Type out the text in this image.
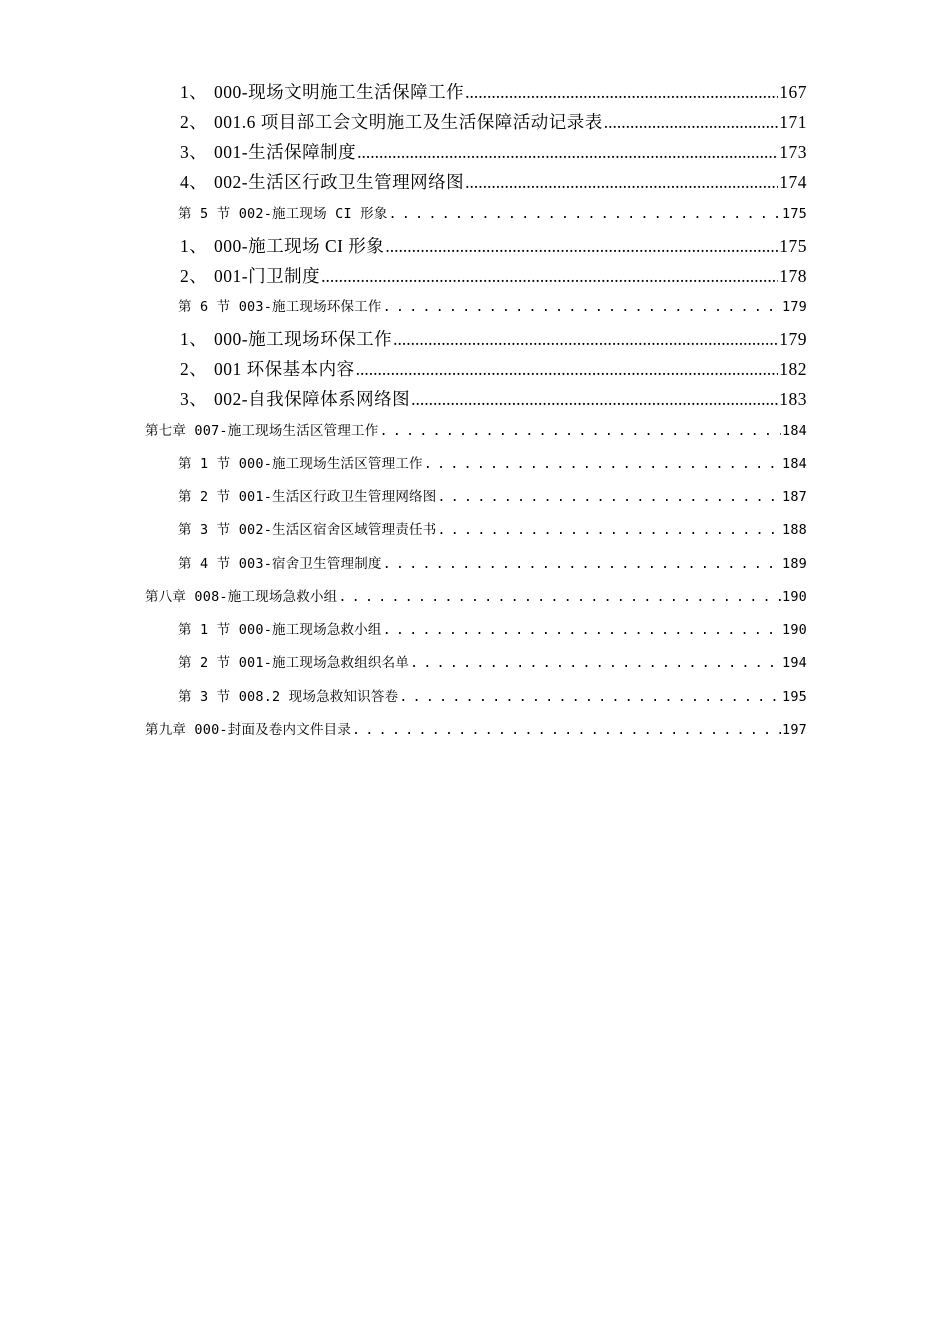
1、 000-现场文明施工生活保障工作 .....	167
2、 001.6 项目部工会文明施工及生活保障活动记录表 .....	171
3、 001-生活保障制度 .....	173
4、 002-生活区行政卫生管理网络图 .....	174
第 5 节 002-施工现场 CI 形象 . . .	175
1、 000-施工现场 CI 形象 .....	175
2、 001-门卫制度 .....	178
第 6 节 003-施工现场环保工作 . . .	179
1、 000-施工现场环保工作 .....	179
2、 001 环保基本内容 .....	182
3、 002-自我保障体系网络图 .....	183
第七章 007-施工现场生活区管理工作 . . .	184
第 1 节 000-施工现场生活区管理工作 . . .	184
第 2 节 001-生活区行政卫生管理网络图 . . .	187
第 3 节 002-生活区宿舍区域管理责任书 . . .	188
第 4 节 003-宿舍卫生管理制度 . . .	189
第八章 008-施工现场急救小组 . . .	190
第 1 节 000-施工现场急救小组 . . .	190
第 2 节 001-施工现场急救组织名单 . . .	194
第 3 节 008.2 现场急救知识答卷 . . .	195
第九章 000-封面及卷内文件目录 . . .	197
